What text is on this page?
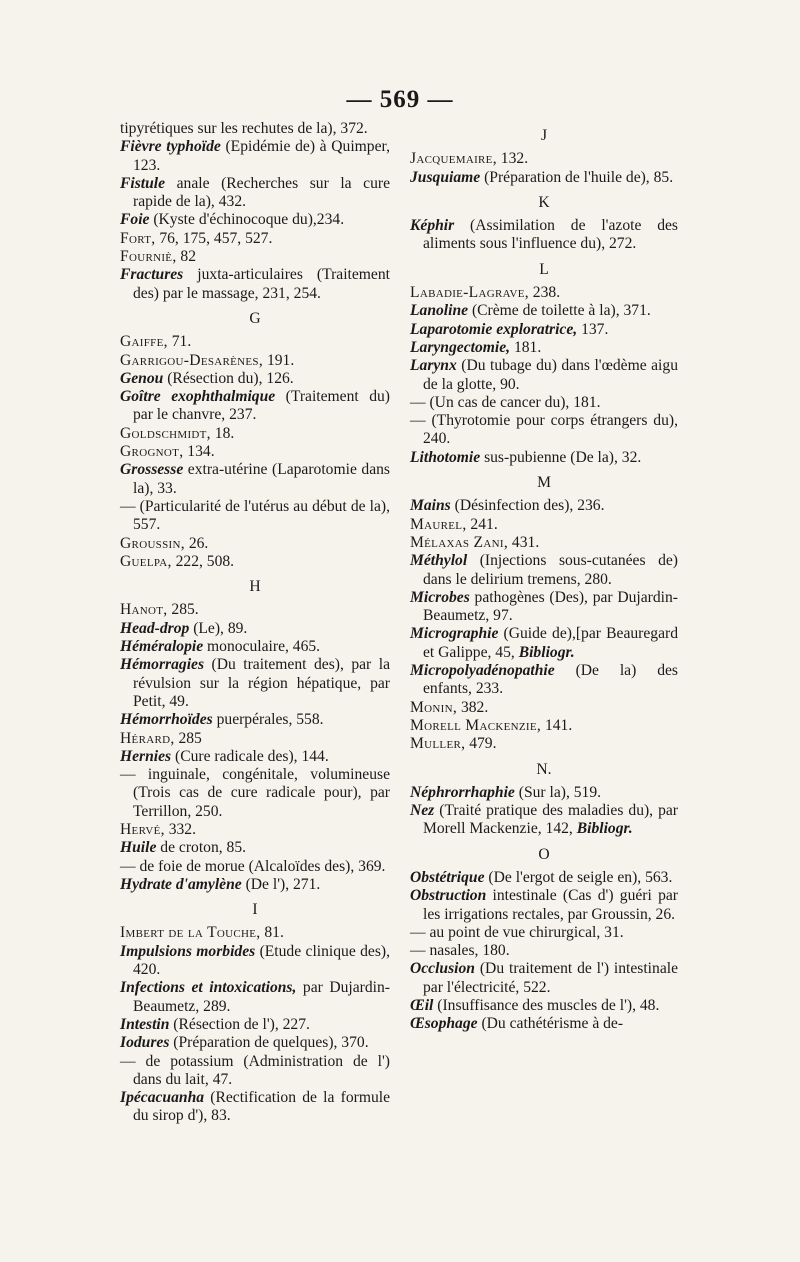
— 569 —
tipyrétiques sur les rechutes de la), 372.
Fièvre typhoïde (Epidémie de) à Quimper, 123.
Fistule anale (Recherches sur la cure rapide de la), 432.
Foie (Kyste d'échinocoque du),234.
Fort, 76, 175, 457, 527.
Fourniè, 82
Fractures juxta-articulaires (Traitement des) par le massage, 231, 254.
G
Gaiffe, 71.
Garrigou-Desarènes, 191.
Genou (Résection du), 126.
Goître exophthalmique (Traitement du) par le chanvre, 237.
Goldschmidt, 18.
Grognot, 134.
Grossesse extra-utérine (Laparotomie dans la), 33.
— (Particularité de l'utérus au début de la), 557.
Groussin, 26.
Guelpa, 222, 508.
H
Hanot, 285.
Head-drop (Le), 89.
Héméralopie monoculaire, 465.
Hémorragies (Du traitement des), par la révulsion sur la région hépatique, par Petit, 49.
Hémorrhoïdes puerpérales, 558.
Hérard, 285
Hernies (Cure radicale des), 144.
— inguinale, congénitale, volumineuse (Trois cas de cure radicale pour), par Terrillon, 250.
Hervé, 332.
Huile de croton, 85.
— de foie de morue (Alcaloïdes des), 369.
Hydrate d'amylène (De l'), 271.
I
Imbert de la Touche, 81.
Impulsions morbides (Etude clinique des), 420.
Infections et intoxications, par Dujardin-Beaumetz, 289.
Intestin (Résection de l'), 227.
Iodures (Préparation de quelques), 370.
— de potassium (Administration de l') dans du lait, 47.
Ipécacuanha (Rectification de la formule du sirop d'), 83.
J
Jacquemaire, 132.
Jusquiame (Préparation de l'huile de), 85.
K
Képhir (Assimilation de l'azote des aliments sous l'influence du), 272.
L
Labadie-Lagrave, 238.
Lanoline (Crème de toilette à la), 371.
Laparotomie exploratrice, 137.
Laryngectomie, 181.
Larynx (Du tubage du) dans l'œdème aigu de la glotte, 90.
— (Un cas de cancer du), 181.
— (Thyrotomie pour corps étrangers du), 240.
Lithotomie sus-pubienne (De la), 32.
M
Mains (Désinfection des), 236.
Maurel, 241.
Mélaxas Zani, 431.
Méthylol (Injections sous-cutanées de) dans le delirium tremens, 280.
Microbes pathogènes (Des), par Dujardin-Beaumetz, 97.
Micrographie (Guide de),[par Beauregard et Galippe, 45, Bibliogr.
Micropolyadénopathie (De la) des enfants, 233.
Monin, 382.
Morell Mackenzie, 141.
Muller, 479.
N.
Néphrorrhaphie (Sur la), 519.
Nez (Traité pratique des maladies du), par Morell Mackenzie, 142, Bibliogr.
O
Obstétrique (De l'ergot de seigle en), 563.
Obstruction intestinale (Cas d') guéri par les irrigations rectales, par Groussin, 26.
— au point de vue chirurgical, 31.
— nasales, 180.
Occlusion (Du traitement de l') intestinale par l'électricité, 522.
Œil (Insuffisance des muscles de l'), 48.
Œsophage (Du cathétérisme à de-
